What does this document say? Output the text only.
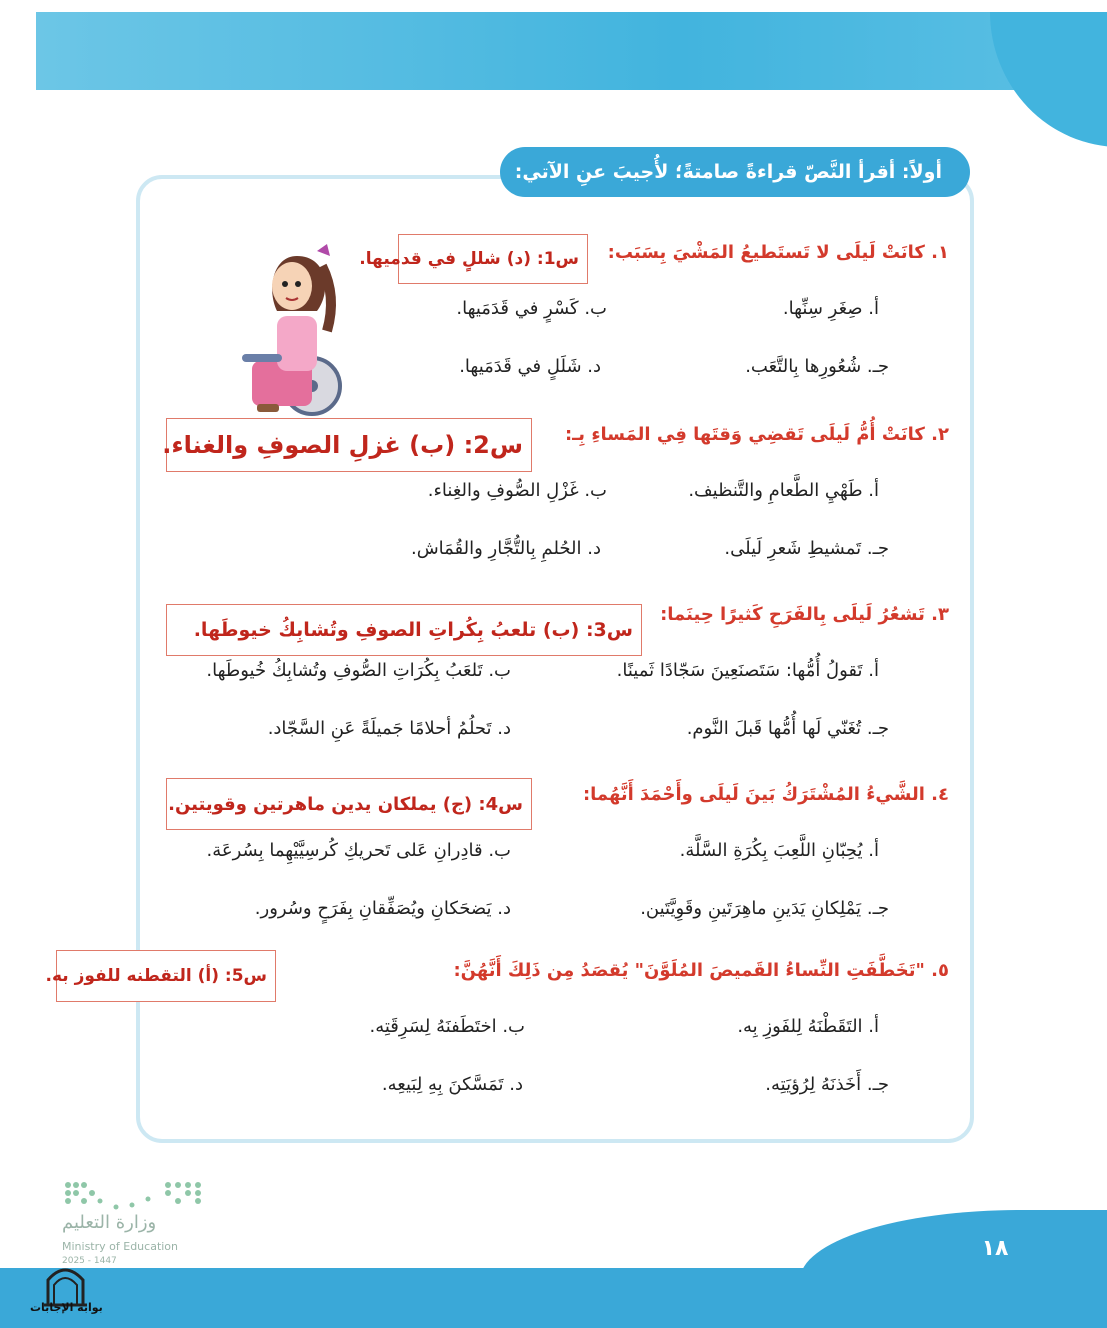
١٨
أولاً: أقرأ النَّصّ قراءةً صامتةً؛ لأُجيبَ عنِ الآتي:
١. كانَتْ لَيلَى لا تَستَطيعُ المَشْيَ بِسَبَب:
س1: (د) شللٍ في قدميها.
أ. صِغَرِ سِنِّها.
ب. كَسْرٍ في قَدَمَيها.
جـ. شُعُورِها بِالتَّعَب.
د. شَلَلٍ في قَدَمَيها.
٢. كانَتْ أُمُّ لَيلَى تَقضِي وَقتَها فِي المَساءِ بِـ:
س2: (ب) غزلِ الصوفِ والغناء.
أ. طَهْيِ الطَّعامِ والتَّنظيف.
ب. غَزْلِ الصُّوفِ والغِناء.
جـ. تَمشيطِ شَعرِ لَيلَى.
د. الحُلمِ بِالتُّجَّارِ والقُمَاش.
٣. تَشعُرُ لَيلَى بِالفَرَحِ كَثيرًا حِينَما:
س3: (ب) تلعبُ بِكُراتِ الصوفِ وتُشابِكُ خيوطَها.
أ. تَقولُ أُمُّها: سَتَصنَعِينَ سَجّادًا ثَمينًا.
ب. تَلعَبُ بِكُرَاتِ الصُّوفِ وتُشابِكُ خُيوطَها.
جـ. تُغَنّي لَها أُمُّها قَبلَ النَّوم.
د. تَحلُمُ أحلامًا جَميلَةً عَنِ السَّجّاد.
٤. الشَّيءُ المُشْتَرَكُ بَينَ لَيلَى وأَحْمَدَ أَنَّهُما:
س4: (ج) يملكان يدين ماهرتين وقويتين.
أ. يُحِبّانِ اللَّعِبَ بِكُرَةِ السَّلَّة.
ب. قادِرانِ عَلى تَحريكِ كُرسِيَّيْهِما بِسُرعَة.
جـ. يَمْلِكانِ يَدَينِ ماهِرَتَينِ وقَوِيَّتَين.
د. يَضحَكانِ ويُصَفِّقانِ بِفَرَحٍ وسُرور.
٥. "تَخَطَّفَتِ النِّساءُ القَميصَ المُلَوَّنَ" يُقصَدُ مِن ذَلِكَ أَنَّهُنَّ:
س5: (أ) التقطنه للفوز به.
أ. التَقَطْنَهُ لِلفَوزِ بِه.
ب. اختَطَفنَهُ لِسَرِقَتِه.
جـ. أَخَذنَهُ لِرُؤيَتِه.
د. تَمَسَّكنَ بِهِ لِبَيعِه.
وزارة التعليم
Ministry of Education
2025 - 1447
بوابة الإجابات
